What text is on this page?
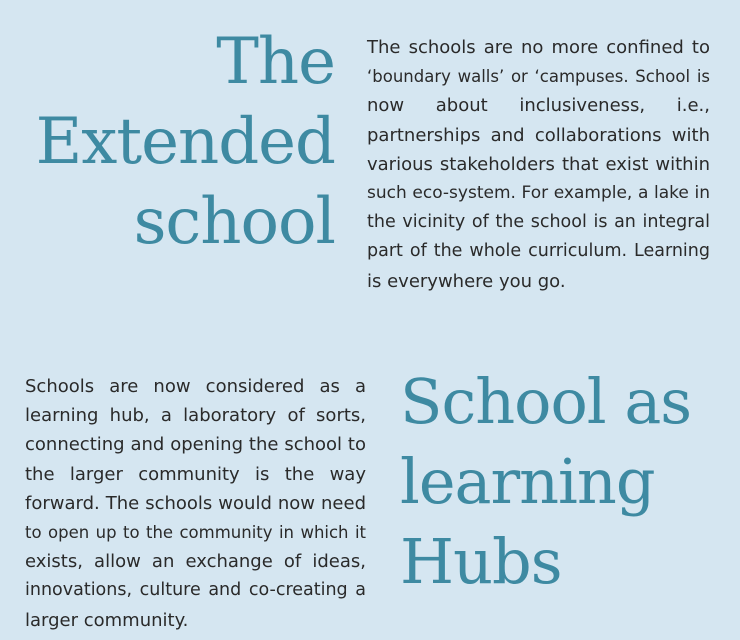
The
Extended
school

The schools are no more confined to
‘boundary walls’ or ‘campuses. School is
now about inclusiveness, i.e.,
partnerships and collaborations with
various stakeholders that exist within
such eco-system. For example, a lake in
the vicinity of the school is an integral
part of the whole curriculum. Learning
is everywhere you go.

Schools are now considered as a
learning hub, a laboratory of sorts,
connecting and opening the school to
the larger community is the way
forward. The schools would now need
to open up to the community in which it
exists, allow an exchange of ideas,
innovations, culture and co-creating a
larger community.

School as
learning
Hubs
